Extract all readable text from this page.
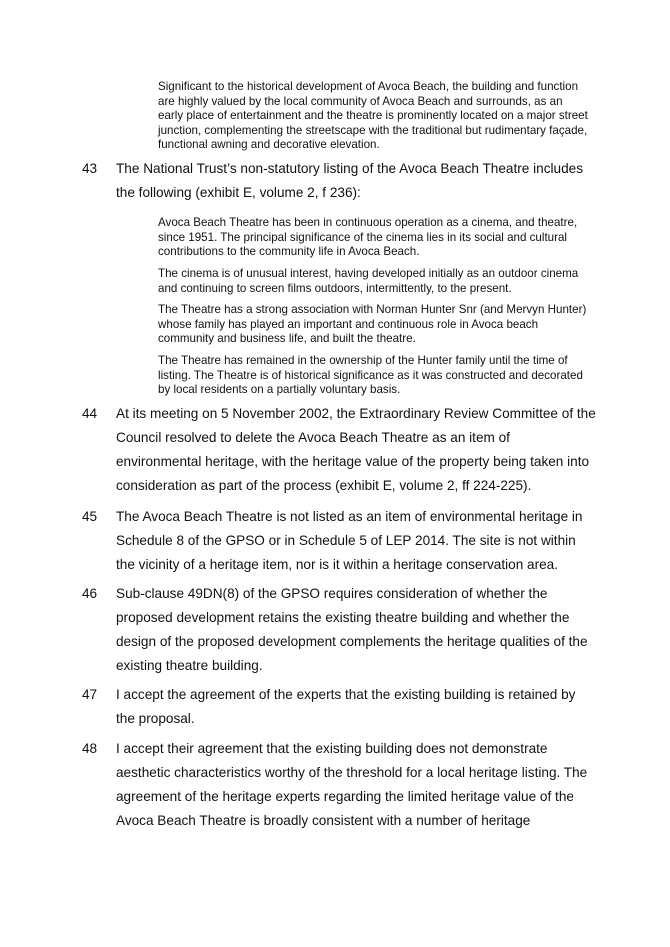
Significant to the historical development of Avoca Beach, the building and function are highly valued by the local community of Avoca Beach and surrounds, as an early place of entertainment and the theatre is prominently located on a major street junction, complementing the streetscape with the traditional but rudimentary façade, functional awning and decorative elevation.

43	The National Trust’s non-statutory listing of the Avoca Beach Theatre includes the following (exhibit E, volume 2, f 236):

Avoca Beach Theatre has been in continuous operation as a cinema, and theatre, since 1951. The principal significance of the cinema lies in its social and cultural contributions to the community life in Avoca Beach.

The cinema is of unusual interest, having developed initially as an outdoor cinema and continuing to screen films outdoors, intermittently, to the present.

The Theatre has a strong association with Norman Hunter Snr (and Mervyn Hunter) whose family has played an important and continuous role in Avoca beach community and business life, and built the theatre.

The Theatre has remained in the ownership of the Hunter family until the time of listing. The Theatre is of historical significance as it was constructed and decorated by local residents on a partially voluntary basis.

44	At its meeting on 5 November 2002, the Extraordinary Review Committee of the Council resolved to delete the Avoca Beach Theatre as an item of environmental heritage, with the heritage value of the property being taken into consideration as part of the process (exhibit E, volume 2, ff 224-225).

45	The Avoca Beach Theatre is not listed as an item of environmental heritage in Schedule 8 of the GPSO or in Schedule 5 of LEP 2014. The site is not within the vicinity of a heritage item, nor is it within a heritage conservation area.

46	Sub-clause 49DN(8) of the GPSO requires consideration of whether the proposed development retains the existing theatre building and whether the design of the proposed development complements the heritage qualities of the existing theatre building.

47	I accept the agreement of the experts that the existing building is retained by the proposal.

48	I accept their agreement that the existing building does not demonstrate aesthetic characteristics worthy of the threshold for a local heritage listing. The agreement of the heritage experts regarding the limited heritage value of the Avoca Beach Theatre is broadly consistent with a number of heritage
